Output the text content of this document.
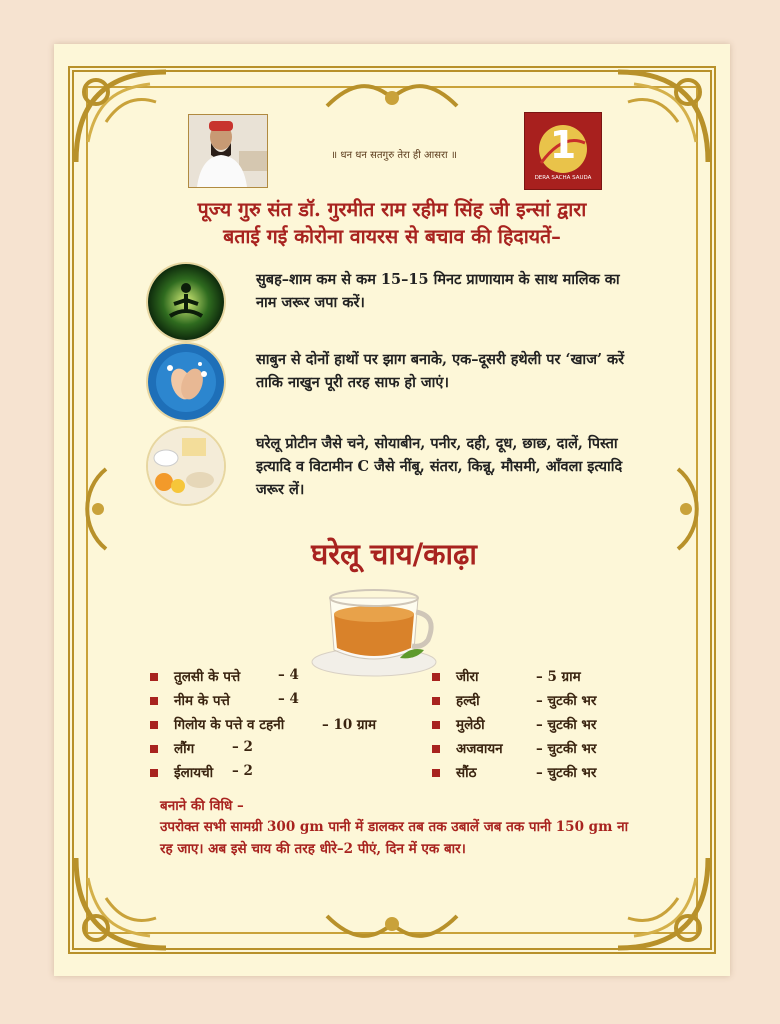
॥ धन धन सतगुरु तेरा ही आसरा ॥	1
DERA SACHA SAUDA
पूज्य गुरु संत डॉ. गुरमीत राम रहीम सिंह जी इन्सां द्वारा
बताई गई कोरोना वायरस से बचाव की हिदायतें–
सुबह–शाम कम से कम 15–15 मिनट प्राणायाम के साथ मालिक का नाम जरूर जपा करें।
साबुन से दोनों हाथों पर झाग बनाके, एक–दूसरी हथेली पर ‘खाज’ करें ताकि नाखुन पूरी तरह साफ हो जाएं।
घरेलू प्रोटीन जैसे चने, सोयाबीन, पनीर, दही, दूध, छाछ, दालें, पिस्ता इत्यादि व विटामीन C जैसे नींबू, संतरा, किन्नू, मौसमी, आँवला इत्यादि जरूर लें।
घरेलू चाय/काढ़ा
तुलसी के पत्ते	– 4
नीम के पत्ते	– 4
गिलोय के पत्ते व टहनी	– 10 ग्राम
लौंग	– 2
ईलायची – 2
जीरा	– 5 ग्राम
हल्दी	– चुटकी भर
मुलेठी	– चुटकी भर
अजवायन – चुटकी भर
सौंठ	– चुटकी भर
बनाने की विधि –
उपरोक्त सभी सामग्री 300 gm पानी में डालकर तब तक उबालें जब तक पानी 150 gm ना रह जाए। अब इसे चाय की तरह धीरे–2 पीएं, दिन में एक बार।
